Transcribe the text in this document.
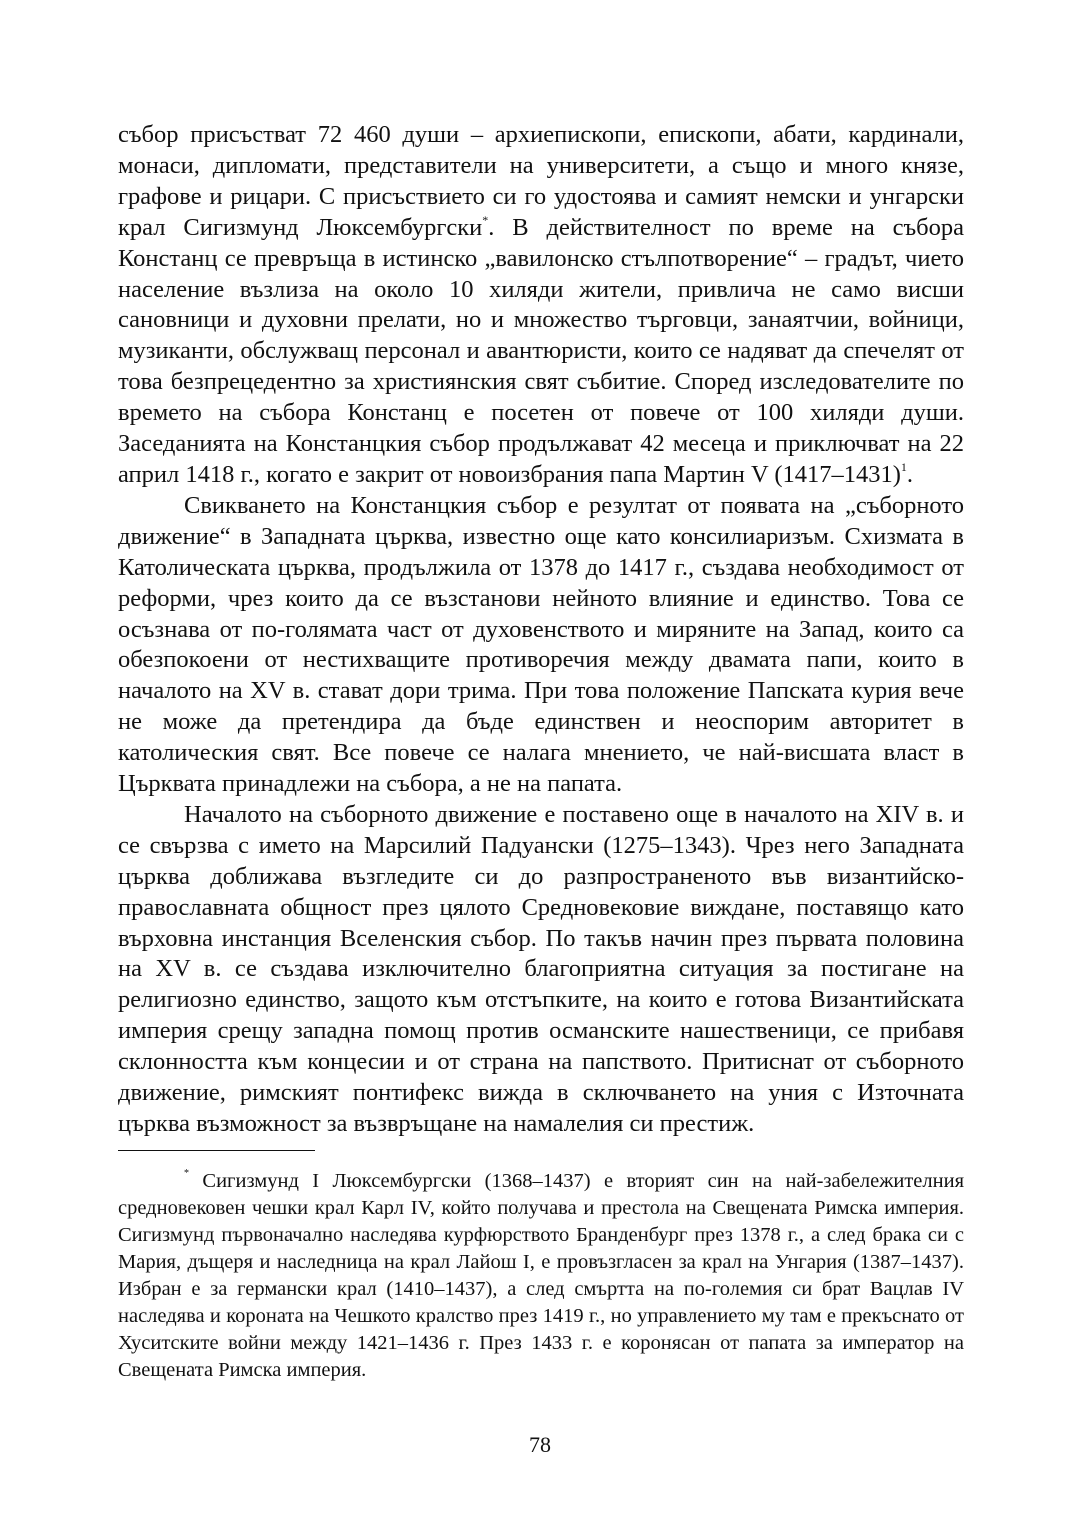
събор присъстват 72 460 души – архиепископи, епископи, абати, кардинали, монаси, дипломати, представители на университети, а също и много князе, графове и рицари. С присъствието си го удостоява и самият немски и унгарски крал Сигизмунд Люксембургски*. В действителност по време на събора Констанц се превръща в истинско „вавилонско стълпотворение“ – градът, чието население възлиза на около 10 хиляди жители, привлича не само висши сановници и духовни прелати, но и множество търговци, занаятчии, войници, музиканти, обслужващ персонал и авантюристи, които се надяват да спечелят от това безпрецедентно за християнския свят събитие. Според изследователите по времето на събора Констанц е посетен от повече от 100 хиляди души. Заседанията на Констанцкия събор продължават 42 месеца и приключват на 22 април 1418 г., когато е закрит от новоизбрания папа Мартин V (1417–1431)$^1$.

Свикването на Констанцкия събор е резултат от появата на „съборното движение“ в Западната църква, известно още като консилиаризъм. Схизмата в Католическата църква, продължила от 1378 до 1417 г., създава необходимост от реформи, чрез които да се възстанови нейното влияние и единство. Това се осъзнава от по-голямата част от духовенството и миряните на Запад, които са обезпокоени от нестихващите противоречия между двамата папи, които в началото на XV в. стават дори трима. При това положение Папската курия вече не може да претендира да бъде единствен и неоспорим авторитет в католическия свят. Все повече се налага мнението, че най-висшата власт в Църквата принадлежи на събора, а не на папата.

Началото на съборното движение е поставено още в началото на XIV в. и се свързва с името на Марсилий Падуански (1275–1343). Чрез него Западната църква доближава възгледите си до разпространеното във византийско-православната общност през цялото Средновековие виждане, поставящо като върховна инстанция Вселенския събор. По такъв начин през първата половина на XV в. се създава изключително благоприятна ситуация за постигане на религиозно единство, защото към отстъпките, на които е готова Византийската империя срещу западна помощ против османските нашественици, се прибавя склонността към концесии и от страна на папството. Притиснат от съборното движение, римският понтифекс вижда в сключването на уния с Източната църква възможност за възвръщане на намалелия си престиж.

* Сигизмунд I Люксембургски (1368–1437) е вторият син на най-забележителния средновековен чешки крал Карл IV, който получава и престола на Свещената Римска империя. Сигизмунд първоначално наследява курфюрството Бранденбург през 1378 г., а след брака си с Мария, дъщеря и наследница на крал Лайош I, е провъзгласен за крал на Унгария (1387–1437). Избран е за германски крал (1410–1437), а след смъртта на по-големия си брат Вацлав IV наследява и короната на Чешкото кралство през 1419 г., но управлението му там е прекъснато от Хуситските войни между 1421–1436 г. През 1433 г. е коронясан от папата за император на Свещената Римска империя.
78
